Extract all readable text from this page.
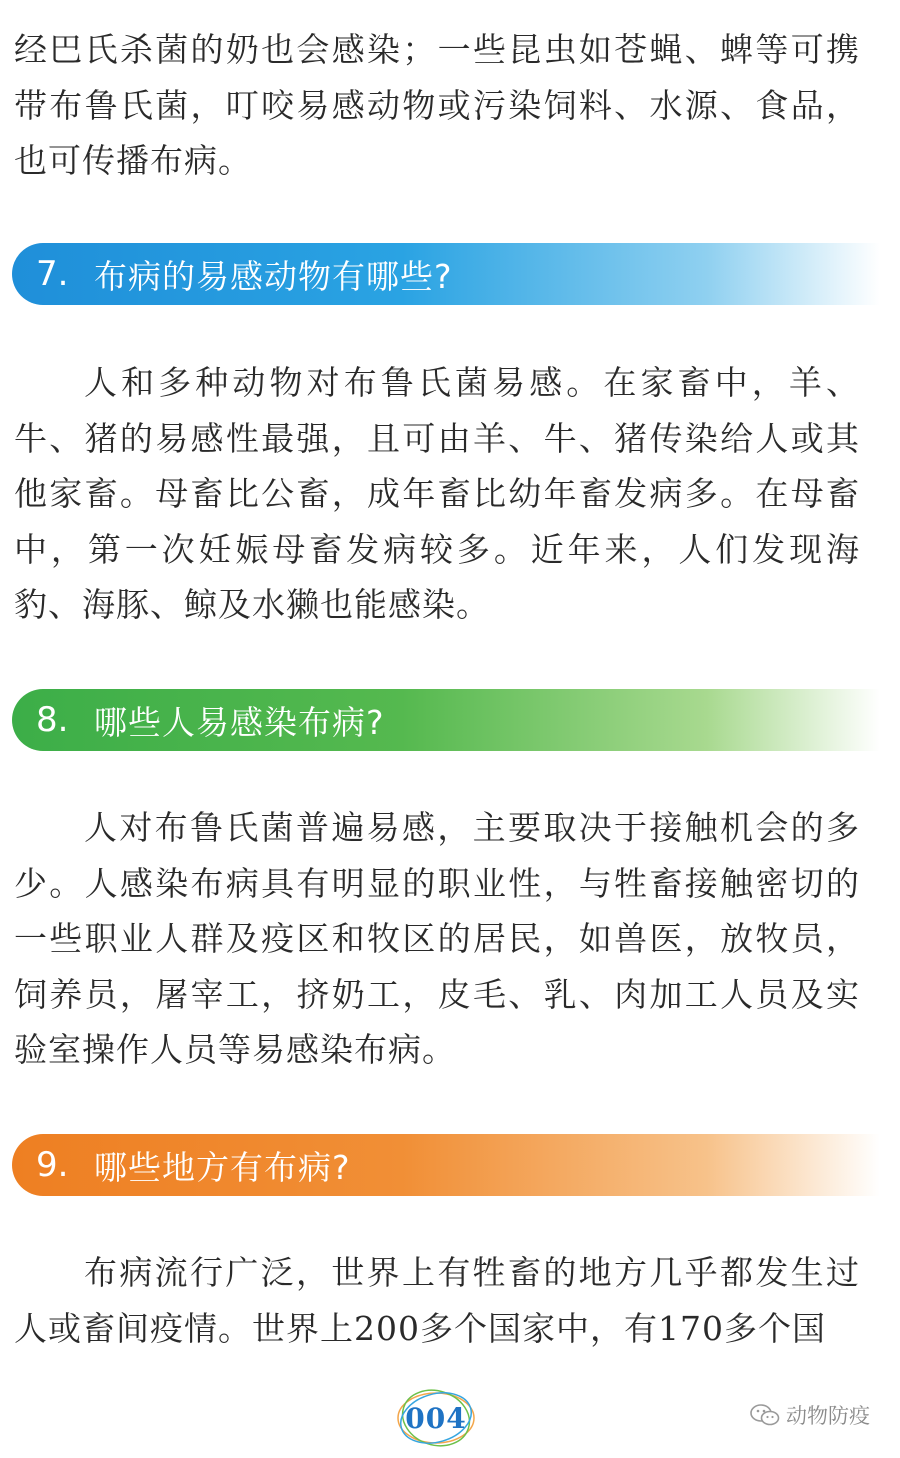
经巴氏杀菌的奶也会感染；一些昆虫如苍蝇、蜱等可携带布鲁氏菌，叮咬易感动物或污染饲料、水源、食品，也可传播布病。

7. 布病的易感动物有哪些?

人和多种动物对布鲁氏菌易感。在家畜中，羊、牛、猪的易感性最强，且可由羊、牛、猪传染给人或其他家畜。母畜比公畜，成年畜比幼年畜发病多。在母畜中，第一次妊娠母畜发病较多。近年来，人们发现海豹、海豚、鲸及水獭也能感染。

8. 哪些人易感染布病?

人对布鲁氏菌普遍易感，主要取决于接触机会的多少。人感染布病具有明显的职业性，与牲畜接触密切的一些职业人群及疫区和牧区的居民，如兽医，放牧员，饲养员，屠宰工，挤奶工，皮毛、乳、肉加工人员及实验室操作人员等易感染布病。

9. 哪些地方有布病?

布病流行广泛，世界上有牲畜的地方几乎都发生过人或畜间疫情。世界上200多个国家中，有170多个国

004	动物防疫
